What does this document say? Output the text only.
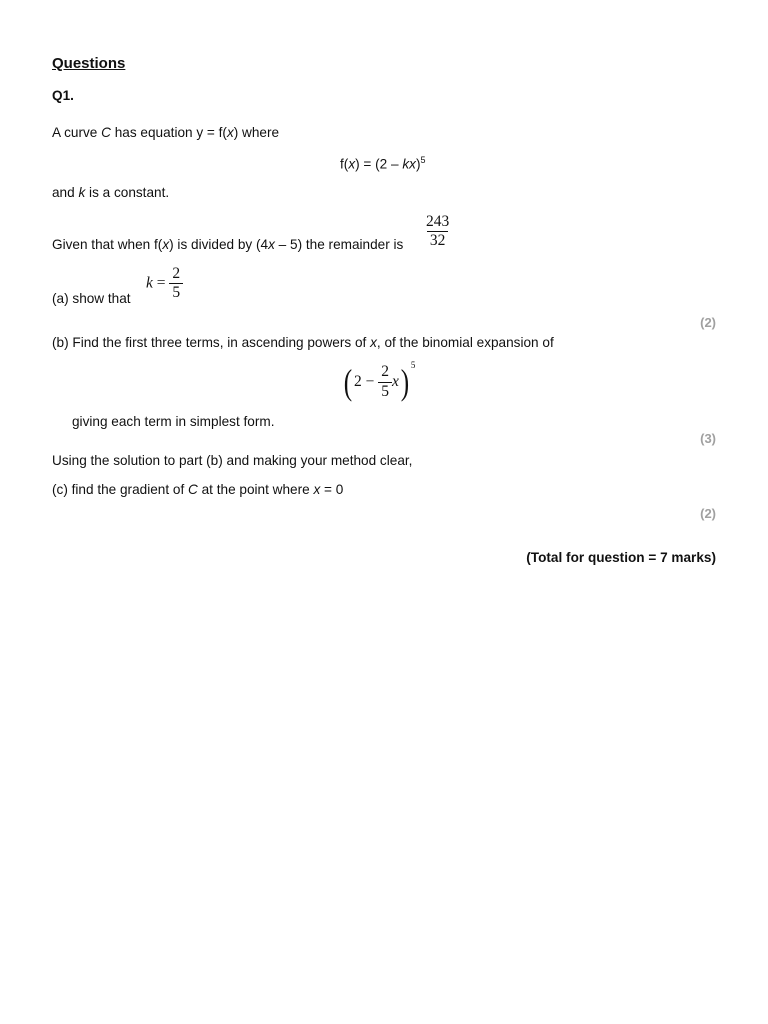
Questions
Q1.
A curve C has equation y = f(x) where
f(x) = (2 – kx)$^5$
and k is a constant.
Given that when f(x) is divided by (4x – 5) the remainder is $\frac{243}{32}$
(a) show that
$k = \frac{2}{5}$
(2)
(b) Find the first three terms, in ascending powers of x, of the binomial expansion of
( $2 - \frac{2}{5} x$) $^5$
giving each term in simplest form.
(3)
Using the solution to part (b) and making your method clear,
(c) find the gradient of C at the point where x = 0
(2)
(Total for question = 7 marks)
